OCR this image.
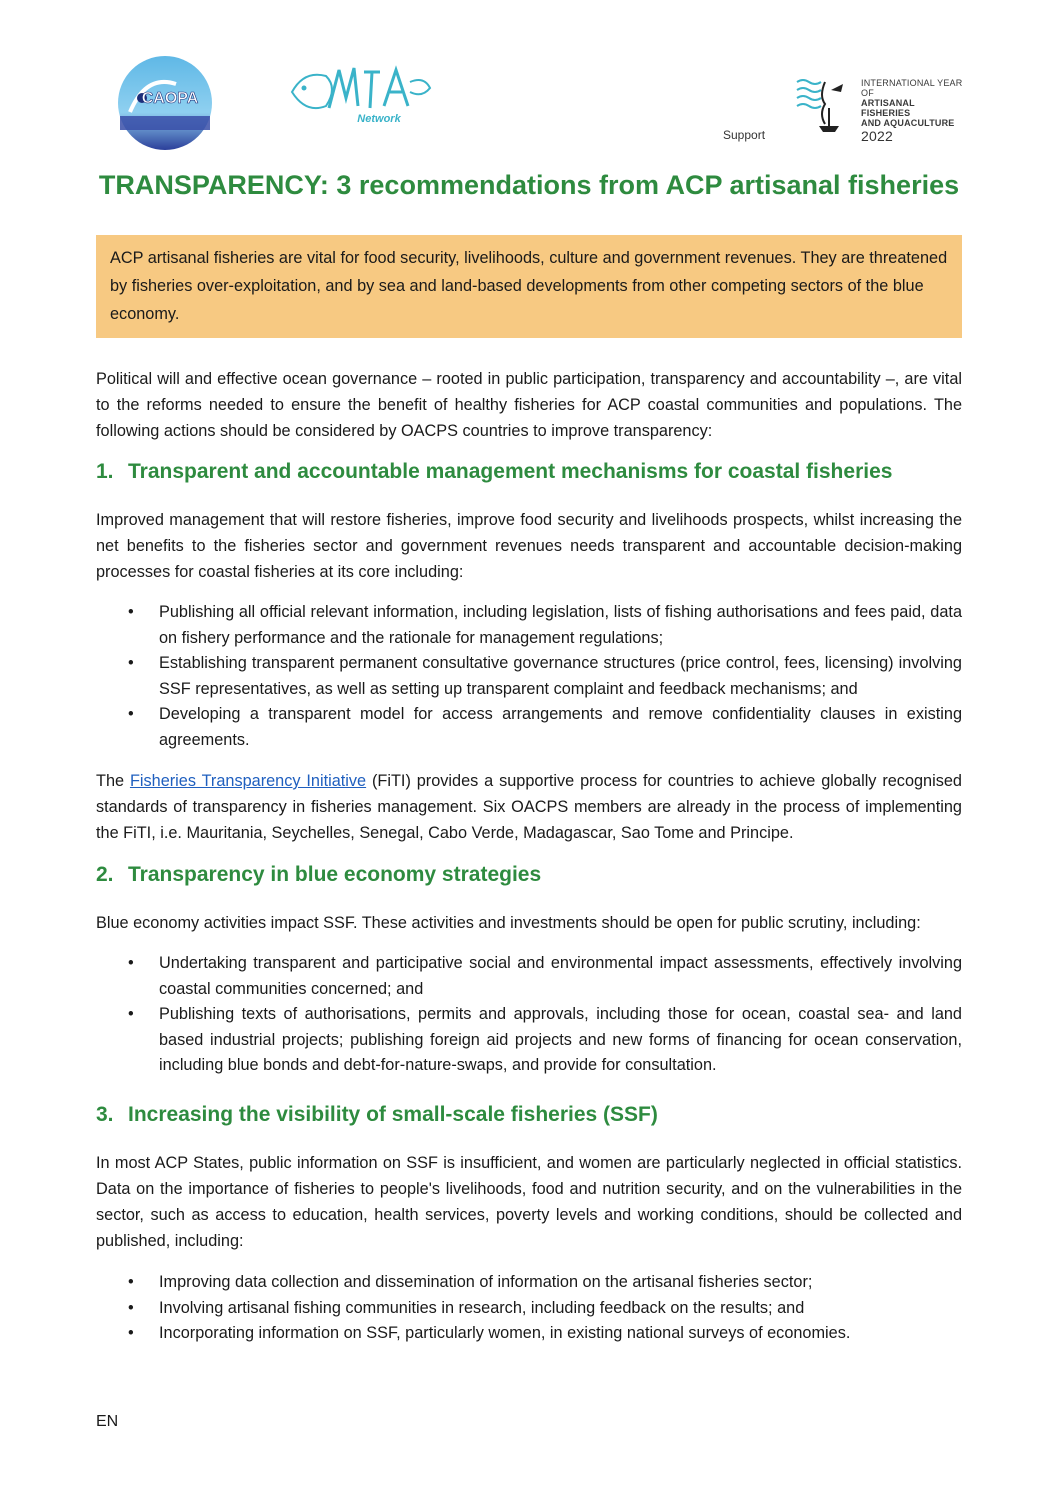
CAOPA
Network
Support
INTERNATIONAL YEAR OF
ARTISANAL FISHERIES
AND AQUACULTURE
2022
TRANSPARENCY: 3 recommendations from ACP artisanal fisheries
ACP artisanal fisheries are vital for food security, livelihoods, culture and government revenues. They are threatened by fisheries over-exploitation, and by sea and land-based developments from other competing sectors of the blue economy.

Political will and effective ocean governance – rooted in public participation, transparency and accountability –, are vital to the reforms needed to ensure the benefit of healthy fisheries for ACP coastal communities and populations. The following actions should be considered by OACPS countries to improve transparency:

1. Transparent and accountable management mechanisms for coastal fisheries

Improved management that will restore fisheries, improve food security and livelihoods prospects, whilst increasing the net benefits to the fisheries sector and government revenues needs transparent and accountable decision-making processes for coastal fisheries at its core including:

• Publishing all official relevant information, including legislation, lists of fishing authorisations and fees paid, data on fishery performance and the rationale for management regulations;
• Establishing transparent permanent consultative governance structures (price control, fees, licensing) involving SSF representatives, as well as setting up transparent complaint and feedback mechanisms; and
• Developing a transparent model for access arrangements and remove confidentiality clauses in existing agreements.

The Fisheries Transparency Initiative (FiTI) provides a supportive process for countries to achieve globally recognised standards of transparency in fisheries management. Six OACPS members are already in the process of implementing the FiTI, i.e. Mauritania, Seychelles, Senegal, Cabo Verde, Madagascar, Sao Tome and Principe.

2. Transparency in blue economy strategies

Blue economy activities impact SSF. These activities and investments should be open for public scrutiny, including:

• Undertaking transparent and participative social and environmental impact assessments, effectively involving coastal communities concerned; and
• Publishing texts of authorisations, permits and approvals, including those for ocean, coastal sea- and land based industrial projects; publishing foreign aid projects and new forms of financing for ocean conservation, including blue bonds and debt-for-nature-swaps, and provide for consultation.
3. Increasing the visibility of small-scale fisheries (SSF)

In most ACP States, public information on SSF is insufficient, and women are particularly neglected in official statistics. Data on the importance of fisheries to people's livelihoods, food and nutrition security, and on the vulnerabilities in the sector, such as access to education, health services, poverty levels and working conditions, should be collected and published, including:

• Improving data collection and dissemination of information on the artisanal fisheries sector;
• Involving artisanal fishing communities in research, including feedback on the results; and
• Incorporating information on SSF, particularly women, in existing national surveys of economies.
EN
